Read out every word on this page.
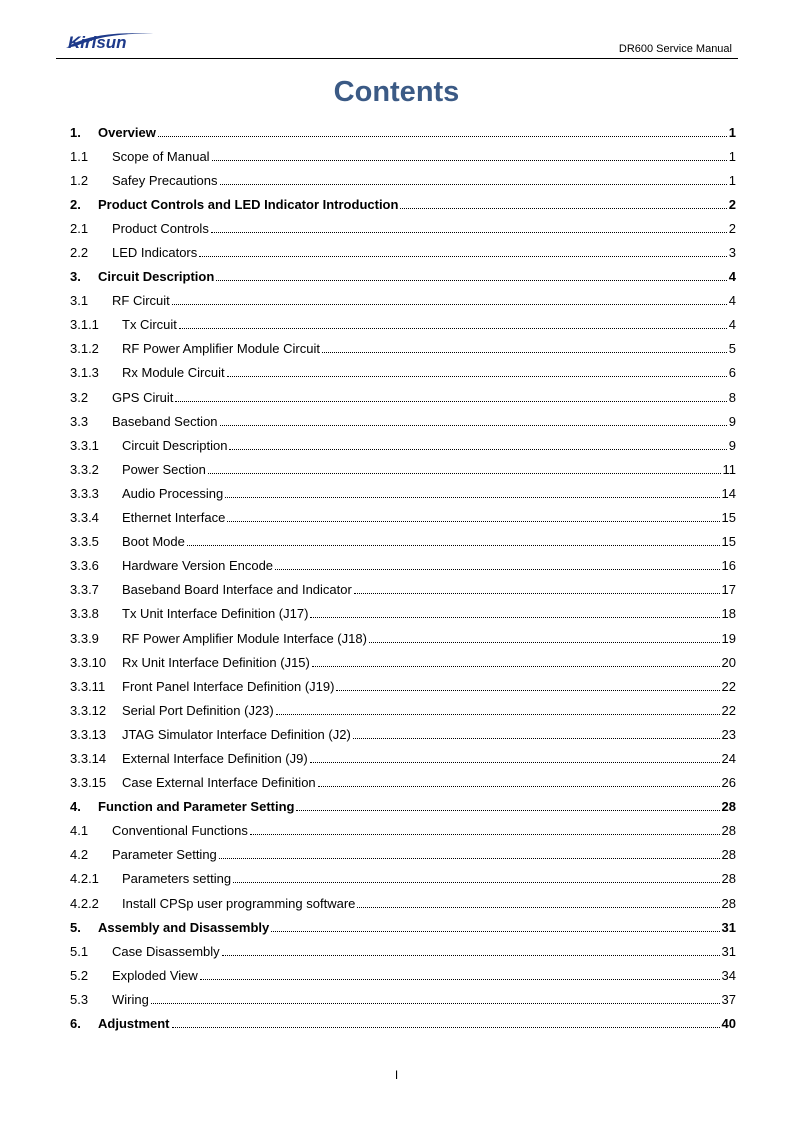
Kirisun	DR600 Service Manual
Contents
1.	Overview	1
1.1	Scope of Manual	1
1.2	Safey Precautions	1
2.	Product Controls and LED Indicator Introduction	2
2.1	Product Controls	2
2.2	LED Indicators	3
3.	Circuit Description	4
3.1	RF Circuit	4
3.1.1	Tx Circuit	4
3.1.2	RF Power Amplifier Module Circuit	5
3.1.3	Rx Module Circuit	6
3.2	GPS Ciruit	8
3.3	Baseband Section	9
3.3.1	Circuit Description	9
3.3.2	Power Section	11
3.3.3	Audio Processing	14
3.3.4	Ethernet Interface	15
3.3.5	Boot Mode	15
3.3.6	Hardware Version Encode	16
3.3.7	Baseband Board Interface and Indicator	17
3.3.8	Tx Unit Interface Definition (J17)	18
3.3.9	RF Power Amplifier Module Interface (J18)	19
3.3.10	Rx Unit Interface Definition (J15)	20
3.3.11	Front Panel Interface Definition (J19)	22
3.3.12	Serial Port Definition (J23)	22
3.3.13	JTAG Simulator Interface Definition (J2)	23
3.3.14	External Interface Definition (J9)	24
3.3.15	Case External Interface Definition	26
4.	Function and Parameter Setting	28
4.1	Conventional Functions	28
4.2	Parameter Setting	28
4.2.1	Parameters setting	28
4.2.2	Install CPSp user programming software	28
5.	Assembly and Disassembly	31
5.1	Case Disassembly	31
5.2	Exploded View	34
5.3	Wiring	37
6.	Adjustment	40
I
